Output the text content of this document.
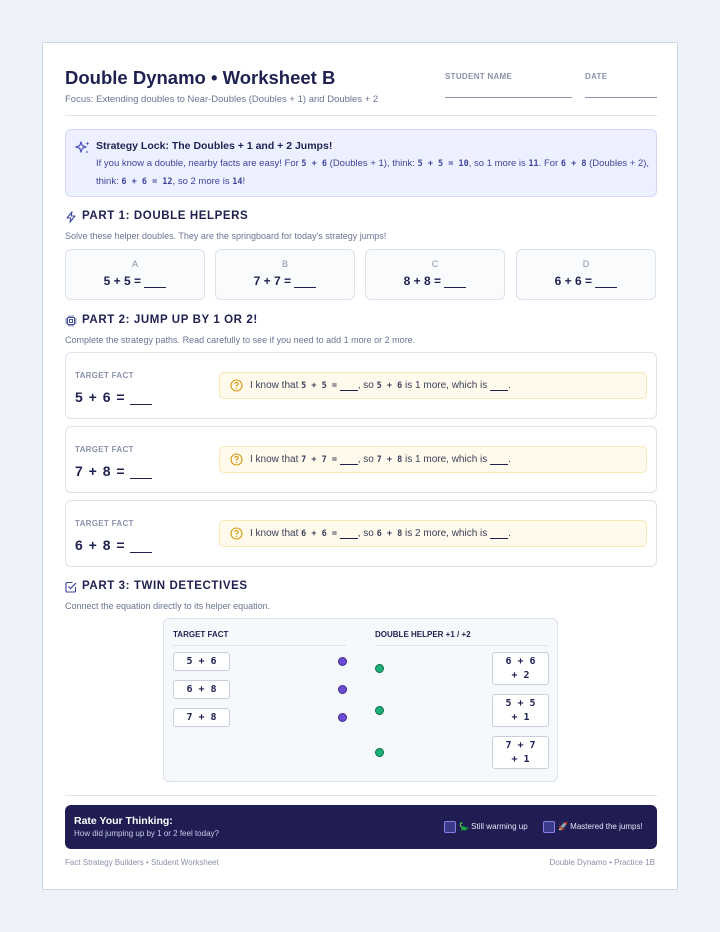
Double Dynamo • Worksheet B
Focus: Extending doubles to Near-Doubles (Doubles + 1) and Doubles + 2
STUDENT NAME	DATE
Strategy Lock: The Doubles + 1 and + 2 Jumps!
If you know a double, nearby facts are easy! For 5 + 6 (Doubles + 1), think: 5 + 5 = 10, so 1 more is 11. For 6 + 8 (Doubles + 2), think: 6 + 6 = 12, so 2 more is 14!
PART 1: DOUBLE HELPERS
Solve these helper doubles. They are the springboard for today's strategy jumps!
A
5 + 5 =
B
7 + 7 =
C
8 + 8 =
D
6 + 6 =
PART 2: JUMP UP BY 1 OR 2!
Complete the strategy paths. Read carefully to see if you need to add 1 more or 2 more.
TARGET FACT
5 + 6 =
I know that 5 + 5 = , so 5 + 6 is 1 more, which is .
TARGET FACT
7 + 8 =
I know that 7 + 7 = , so 7 + 8 is 1 more, which is .
TARGET FACT
6 + 8 =
I know that 6 + 6 = , so 6 + 8 is 2 more, which is .
PART 3: TWIN DETECTIVES
Connect the equation directly to its helper equation.
TARGET FACT	DOUBLE HELPER +1 / +2
5 + 6
6 + 8
7 + 8
6 + 6
+ 2
5 + 5
+ 1
7 + 7
+ 1
Rate Your Thinking:
How did jumping up by 1 or 2 feel today?
🦕 Still warming up	🚀 Mastered the jumps!
Fact Strategy Builders • Student Worksheet	Double Dynamo • Practice 1B
